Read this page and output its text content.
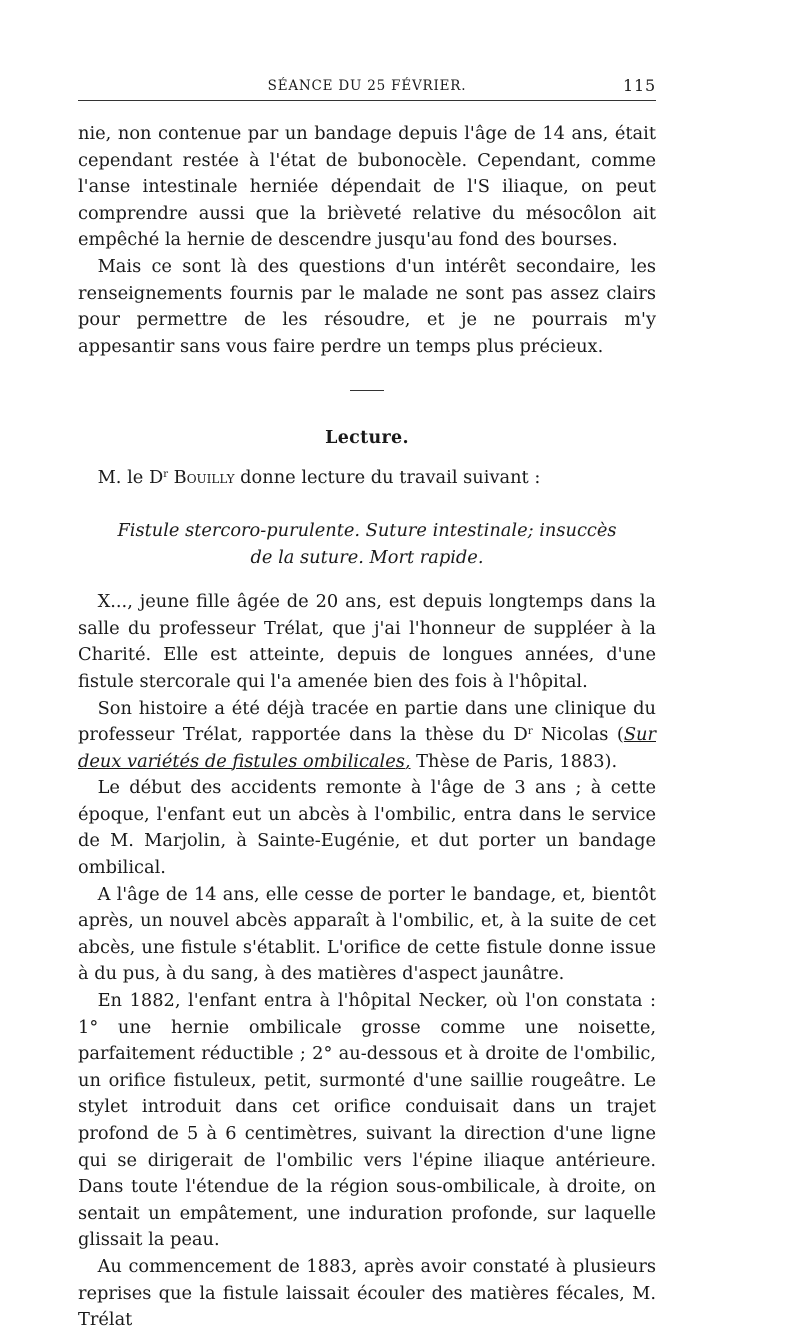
SÉANCE DU 25 FÉVRIER.	115

nie, non contenue par un bandage depuis l'âge de 14 ans, était cependant restée à l'état de bubonocèle. Cependant, comme l'anse intestinale herniée dépendait de l'S iliaque, on peut comprendre aussi que la brièveté relative du mésocôlon ait empêché la hernie de descendre jusqu'au fond des bourses.

Mais ce sont là des questions d'un intérêt secondaire, les renseignements fournis par le malade ne sont pas assez clairs pour permettre de les résoudre, et je ne pourrais m'y appesantir sans vous faire perdre un temps plus précieux.

Lecture.
M. le $D^r$ Bouilly donne lecture du travail suivant :
Fistule stercoro-purulente. Suture intestinale; insuccès
de la suture. Mort rapide.

X..., jeune fille âgée de 20 ans, est depuis longtemps dans la salle du professeur Trélat, que j'ai l'honneur de suppléer à la Charité. Elle est atteinte, depuis de longues années, d'une fistule stercorale qui l'a amenée bien des fois à l'hôpital.

Son histoire a été déjà tracée en partie dans une clinique du professeur Trélat, rapportée dans la thèse du $D^r$ Nicolas (Sur deux variétés de fistules ombilicales, Thèse de Paris, 1883).

Le début des accidents remonte à l'âge de 3 ans ; à cette époque, l'enfant eut un abcès à l'ombilic, entra dans le service de M. Marjolin, à Sainte-Eugénie, et dut porter un bandage ombilical.

A l'âge de 14 ans, elle cesse de porter le bandage, et, bientôt après, un nouvel abcès apparaît à l'ombilic, et, à la suite de cet abcès, une fistule s'établit. L'orifice de cette fistule donne issue à du pus, à du sang, à des matières d'aspect jaunâtre.

En 1882, l'enfant entra à l'hôpital Necker, où l'on constata : 1° une hernie ombilicale grosse comme une noisette, parfaitement réductible ; 2° au-dessous et à droite de l'ombilic, un orifice fistuleux, petit, surmonté d'une saillie rougeâtre. Le stylet introduit dans cet orifice conduisait dans un trajet profond de 5 à 6 centimètres, suivant la direction d'une ligne qui se dirigerait de l'ombilic vers l'épine iliaque antérieure. Dans toute l'étendue de la région sous-ombilicale, à droite, on sentait un empâtement, une induration profonde, sur laquelle glissait la peau.

Au commencement de 1883, après avoir constaté à plusieurs reprises que la fistule laissait écouler des matières fécales, M. Trélat
